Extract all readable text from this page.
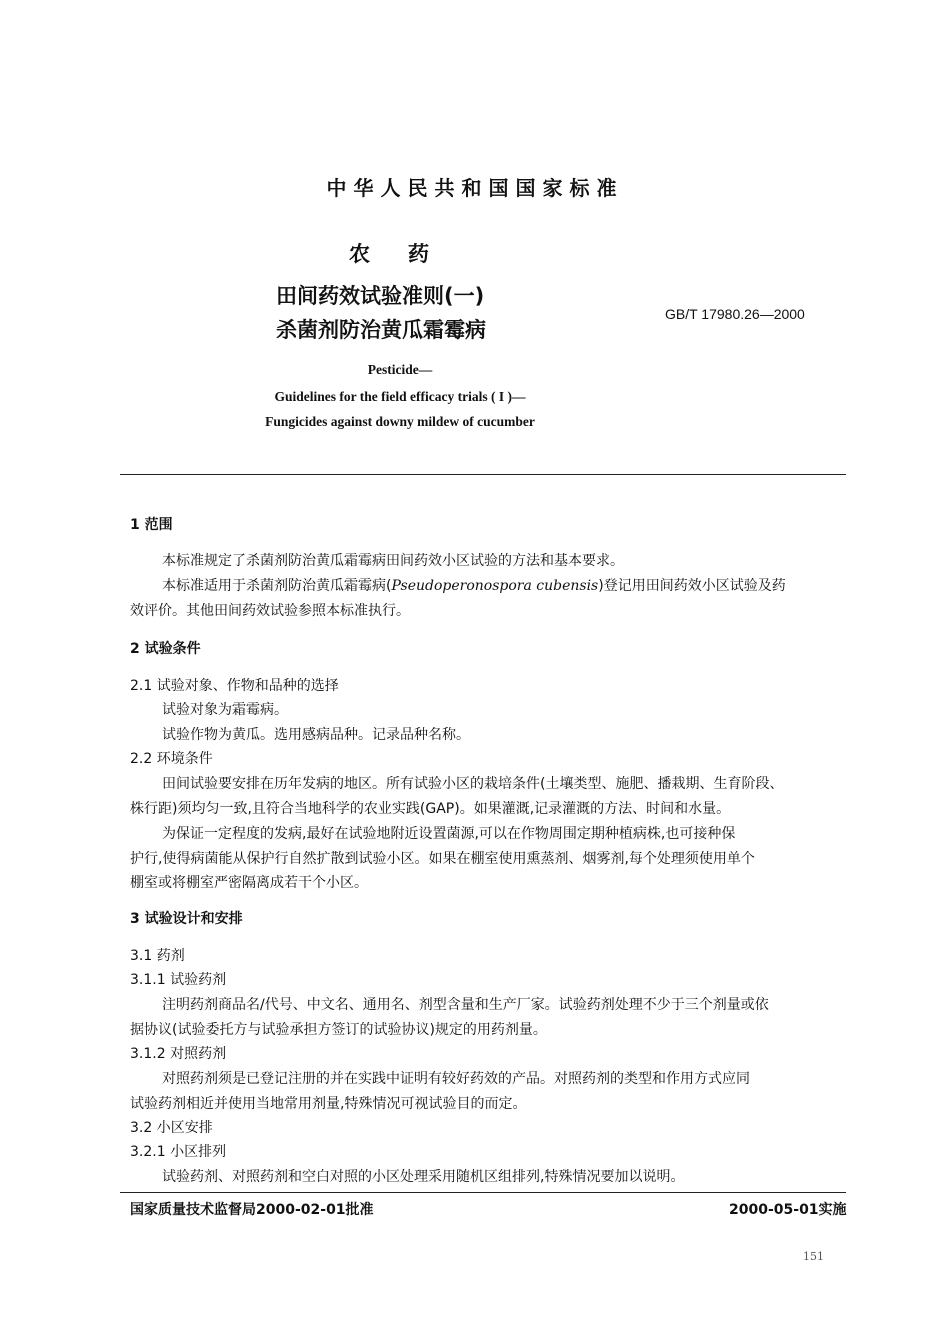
中华人民共和国国家标准
农药
田间药效试验准则(一)
杀菌剂防治黄瓜霜霉病
GB/T 17980.26—2000
Pesticide—
Guidelines for the field efficacy trials ( I )—
Fungicides against downy mildew of cucumber
1 范围
本标准规定了杀菌剂防治黄瓜霜霉病田间药效小区试验的方法和基本要求。
本标准适用于杀菌剂防治黄瓜霜霉病(Pseudoperonospora cubensis)登记用田间药效小区试验及药
效评价。其他田间药效试验参照本标准执行。
2 试验条件
2.1 试验对象、作物和品种的选择
试验对象为霜霉病。
试验作物为黄瓜。选用感病品种。记录品种名称。
2.2 环境条件
田间试验要安排在历年发病的地区。所有试验小区的栽培条件(土壤类型、施肥、播栽期、生育阶段、
株行距)须均匀一致,且符合当地科学的农业实践(GAP)。如果灌溉,记录灌溉的方法、时间和水量。
为保证一定程度的发病,最好在试验地附近设置菌源,可以在作物周围定期种植病株,也可接种保
护行,使得病菌能从保护行自然扩散到试验小区。如果在棚室使用熏蒸剂、烟雾剂,每个处理须使用单个
棚室或将棚室严密隔离成若干个小区。
3 试验设计和安排
3.1 药剂
3.1.1 试验药剂
注明药剂商品名/代号、中文名、通用名、剂型含量和生产厂家。试验药剂处理不少于三个剂量或依
据协议(试验委托方与试验承担方签订的试验协议)规定的用药剂量。
3.1.2 对照药剂
对照药剂须是已登记注册的并在实践中证明有较好药效的产品。对照药剂的类型和作用方式应同
试验药剂相近并使用当地常用剂量,特殊情况可视试验目的而定。
3.2 小区安排
3.2.1 小区排列
试验药剂、对照药剂和空白对照的小区处理采用随机区组排列,特殊情况要加以说明。
国家质量技术监督局2000-02-01批准	2000-05-01实施
151
